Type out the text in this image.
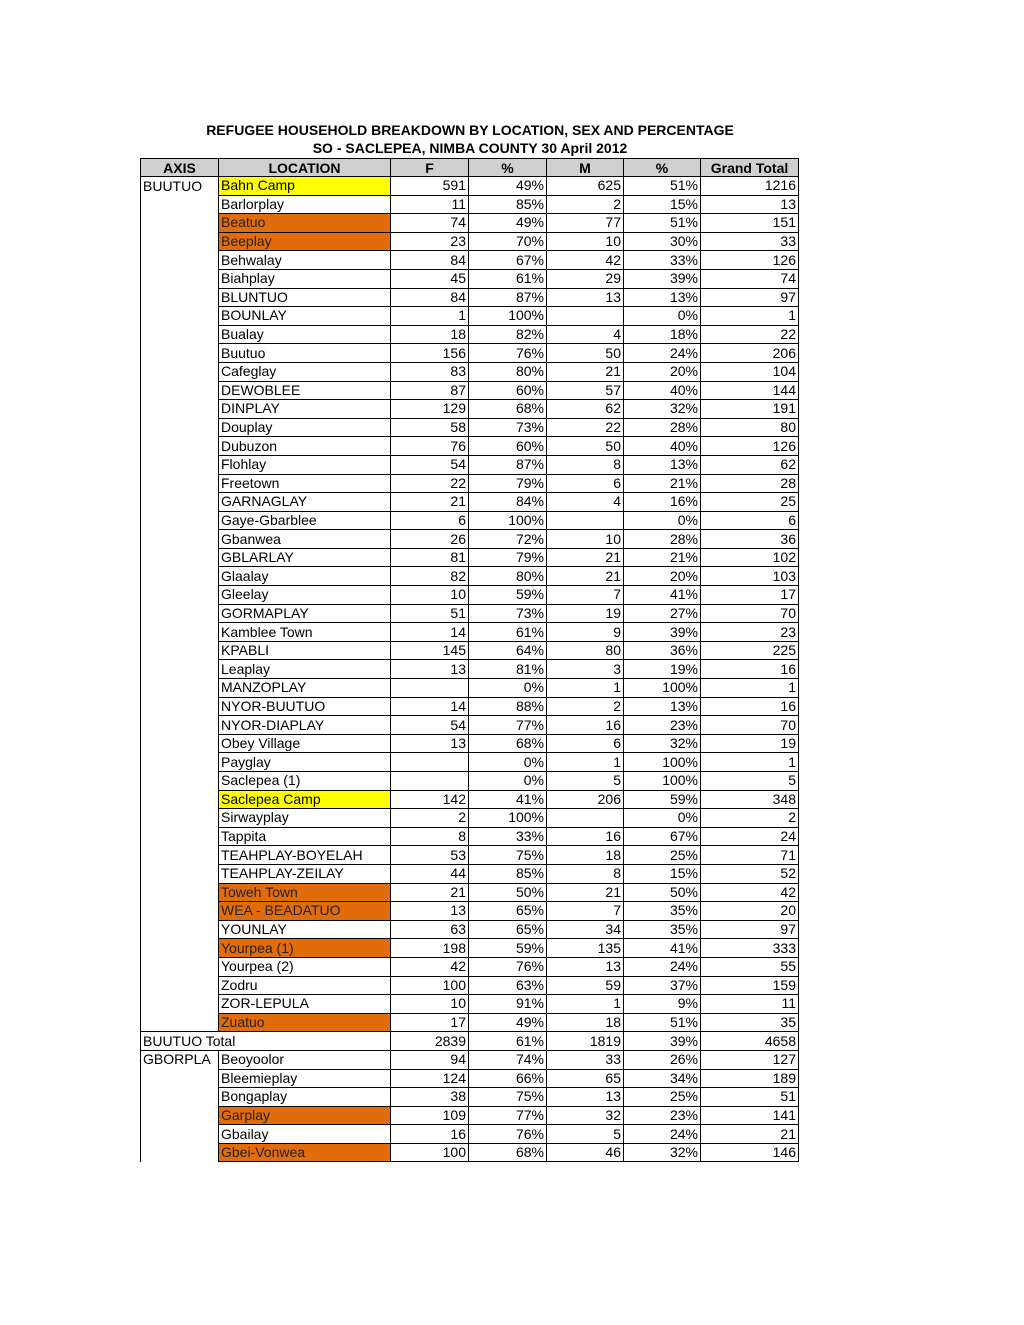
REFUGEE HOUSEHOLD BREAKDOWN BY LOCATION, SEX AND PERCENTAGE
SO - SACLEPEA, NIMBA COUNTY 30 April 2012
AXIS	LOCATION	F	%	M	%	Grand Total
BUUTUO	Bahn Camp	591	49%	625	51%	1216
	Barlorplay	11	85%	2	15%	13
	Beatuo	74	49%	77	51%	151
	Beeplay	23	70%	10	30%	33
	Behwalay	84	67%	42	33%	126
	Biahplay	45	61%	29	39%	74
	BLUNTUO	84	87%	13	13%	97
	BOUNLAY	1	100%		0%	1
	Bualay	18	82%	4	18%	22
	Buutuo	156	76%	50	24%	206
	Cafeglay	83	80%	21	20%	104
	DEWOBLEE	87	60%	57	40%	144
	DINPLAY	129	68%	62	32%	191
	Douplay	58	73%	22	28%	80
	Dubuzon	76	60%	50	40%	126
	Flohlay	54	87%	8	13%	62
	Freetown	22	79%	6	21%	28
	GARNAGLAY	21	84%	4	16%	25
	Gaye-Gbarblee	6	100%		0%	6
	Gbanwea	26	72%	10	28%	36
	GBLARLAY	81	79%	21	21%	102
	Glaalay	82	80%	21	20%	103
	Gleelay	10	59%	7	41%	17
	GORMAPLAY	51	73%	19	27%	70
	Kamblee Town	14	61%	9	39%	23
	KPABLI	145	64%	80	36%	225
	Leaplay	13	81%	3	19%	16
	MANZOPLAY		0%	1	100%	1
	NYOR-BUUTUO	14	88%	2	13%	16
	NYOR-DIAPLAY	54	77%	16	23%	70
	Obey Village	13	68%	6	32%	19
	Payglay		0%	1	100%	1
	Saclepea (1)		0%	5	100%	5
	Saclepea Camp	142	41%	206	59%	348
	Sirwayplay	2	100%		0%	2
	Tappita	8	33%	16	67%	24
	TEAHPLAY-BOYELAH	53	75%	18	25%	71
	TEAHPLAY-ZEILAY	44	85%	8	15%	52
	Toweh Town	21	50%	21	50%	42
	WEA - BEADATUO	13	65%	7	35%	20
	YOUNLAY	63	65%	34	35%	97
	Yourpea (1)	198	59%	135	41%	333
	Yourpea (2)	42	76%	13	24%	55
	Zodru	100	63%	59	37%	159
	ZOR-LEPULA	10	91%	1	9%	11
	Zuatuo	17	49%	18	51%	35
BUUTUO Total		2839	61%	1819	39%	4658
GBORPLA	Beoyoolor	94	74%	33	26%	127
	Bleemieplay	124	66%	65	34%	189
	Bongaplay	38	75%	13	25%	51
	Garplay	109	77%	32	23%	141
	Gbailay	16	76%	5	24%	21
	Gbei-Vonwea	100	68%	46	32%	146
